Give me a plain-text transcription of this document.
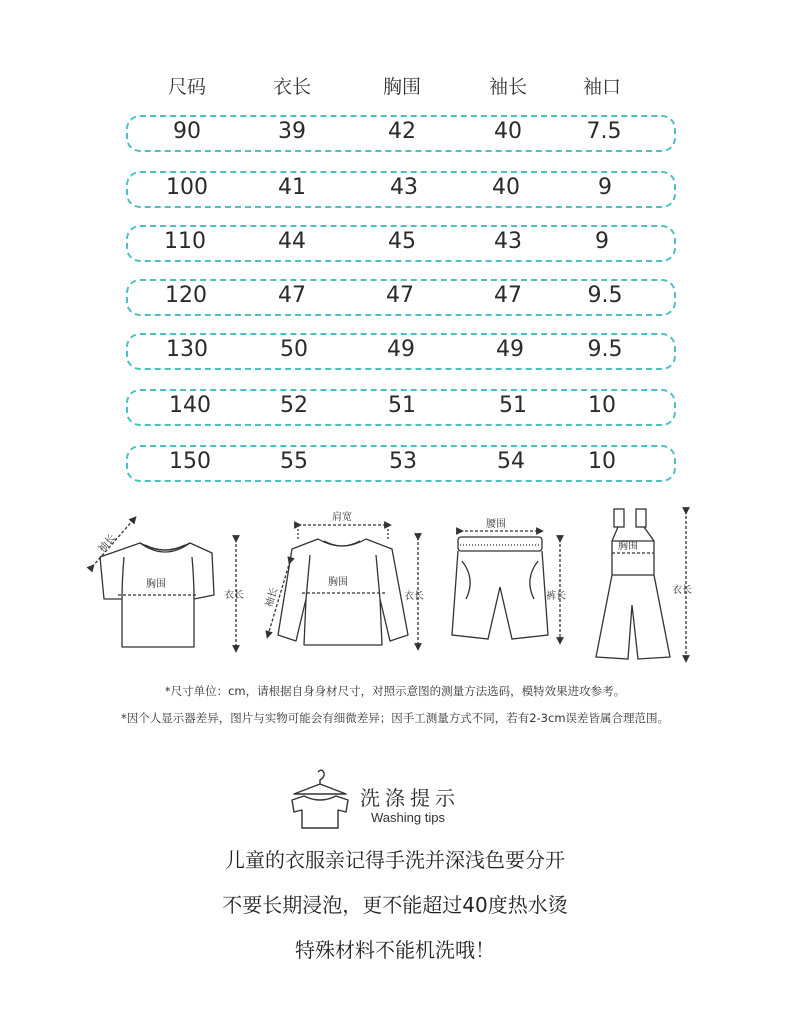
尺码	衣长	胸围	袖长	袖口
90	39	42	40	7.5
100	41	43	40	9
110	44	45	43	9
120	47	47	47	9.5
130	50	49	49	9.5
140	52	51	51	10
150	55	53	54	10
袖长
胸围
衣长
肩宽
袖长
胸围
衣长
腰围
裤长
胸围
衣长
*尺寸单位：cm，请根据自身身材尺寸，对照示意图的测量方法选码，模特效果进攻参考。
*因个人显示器差异，图片与实物可能会有细微差异；因手工测量方式不同，若有2-3cm误差皆属合理范围。
洗涤提示
Washing tips
儿童的衣服亲记得手洗并深浅色要分开
不要长期浸泡，更不能超过40度热水烫
特殊材料不能机洗哦！
